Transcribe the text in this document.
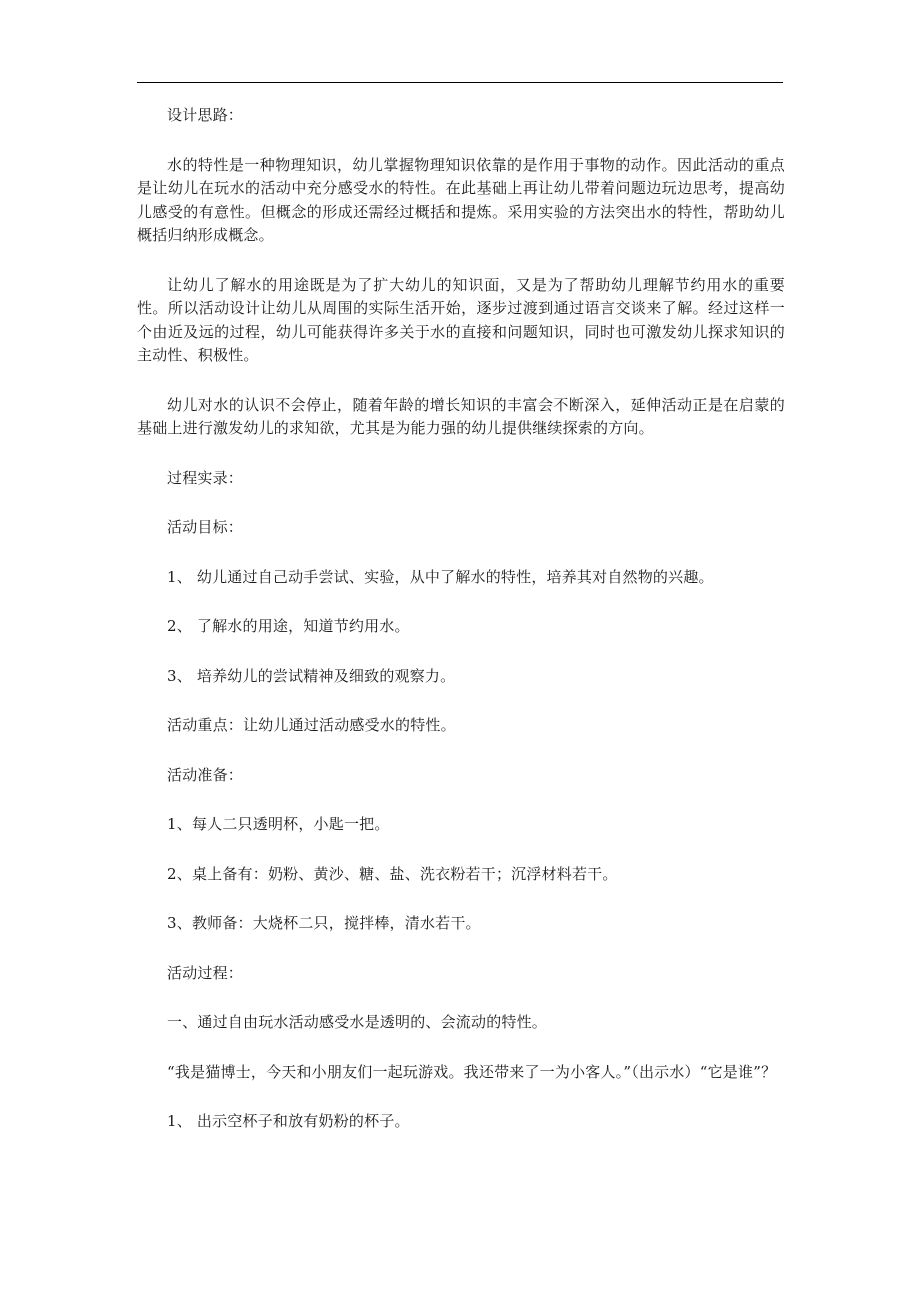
设计思路：

水的特性是一种物理知识，幼儿掌握物理知识依靠的是作用于事物的动作。因此活动的重点是让幼儿在玩水的活动中充分感受水的特性。在此基础上再让幼儿带着问题边玩边思考，提高幼儿感受的有意性。但概念的形成还需经过概括和提炼。采用实验的方法突出水的特性，帮助幼儿概括归纳形成概念。

让幼儿了解水的用途既是为了扩大幼儿的知识面，又是为了帮助幼儿理解节约用水的重要性。所以活动设计让幼儿从周围的实际生活开始，逐步过渡到通过语言交谈来了解。经过这样一个由近及远的过程，幼儿可能获得许多关于水的直接和问题知识，同时也可激发幼儿探求知识的主动性、积极性。

幼儿对水的认识不会停止，随着年龄的增长知识的丰富会不断深入，延伸活动正是在启蒙的基础上进行激发幼儿的求知欲，尤其是为能力强的幼儿提供继续探索的方向。

过程实录：

活动目标：

1、 幼儿通过自己动手尝试、实验，从中了解水的特性，培养其对自然物的兴趣。

2、 了解水的用途，知道节约用水。

3、 培养幼儿的尝试精神及细致的观察力。

活动重点：让幼儿通过活动感受水的特性。

活动准备：

1、每人二只透明杯，小匙一把。

2、桌上备有：奶粉、黄沙、糖、盐、洗衣粉若干；沉浮材料若干。

3、教师备：大烧杯二只，搅拌棒，清水若干。

活动过程：

一、通过自由玩水活动感受水是透明的、会流动的特性。

“我是猫博士，今天和小朋友们一起玩游戏。我还带来了一为小客人。”（出示水）“它是谁”？

1、 出示空杯子和放有奶粉的杯子。
